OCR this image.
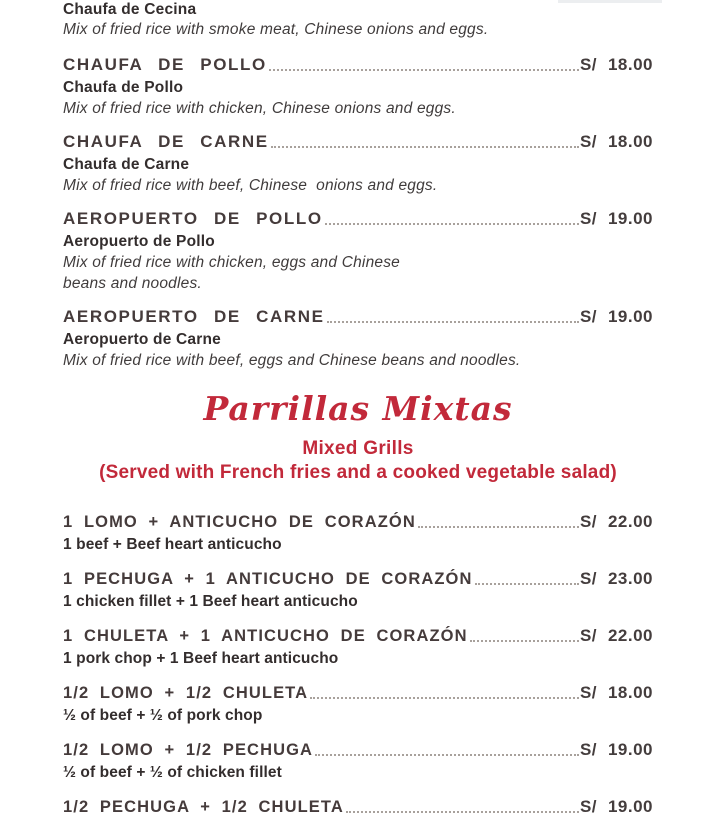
Chaufa de Cecina
Mix of fried rice with smoke meat, Chinese onions and eggs.
CHAUFA DE POLLO	S/ 18.00
Chaufa de Pollo
Mix of fried rice with chicken, Chinese onions and eggs.
CHAUFA DE CARNE	S/ 18.00
Chaufa de Carne
Mix of fried rice with beef, Chinese  onions and eggs.
AEROPUERTO DE POLLO	S/ 19.00
Aeropuerto de Pollo
Mix of fried rice with chicken, eggs and Chinese
beans and noodles.
AEROPUERTO DE CARNE	S/ 19.00
Aeropuerto de Carne
Mix of fried rice with beef, eggs and Chinese beans and noodles.
Parrillas Mixtas
Mixed Grills
(Served with French fries and a cooked vegetable salad)
1 LOMO + ANTICUCHO DE CORAZÓN	S/ 22.00
1 beef + Beef heart anticucho
1 PECHUGA + 1 ANTICUCHO DE CORAZÓN	S/ 23.00
1 chicken fillet + 1 Beef heart anticucho
1 CHULETA + 1 ANTICUCHO DE CORAZÓN	S/ 22.00
1 pork chop + 1 Beef heart anticucho
1/2 LOMO + 1/2 CHULETA	S/ 18.00
½ of beef + ½ of pork chop
1/2 LOMO + 1/2 PECHUGA	S/ 19.00
½ of beef + ½ of chicken fillet
1/2 PECHUGA + 1/2 CHULETA	S/ 19.00
